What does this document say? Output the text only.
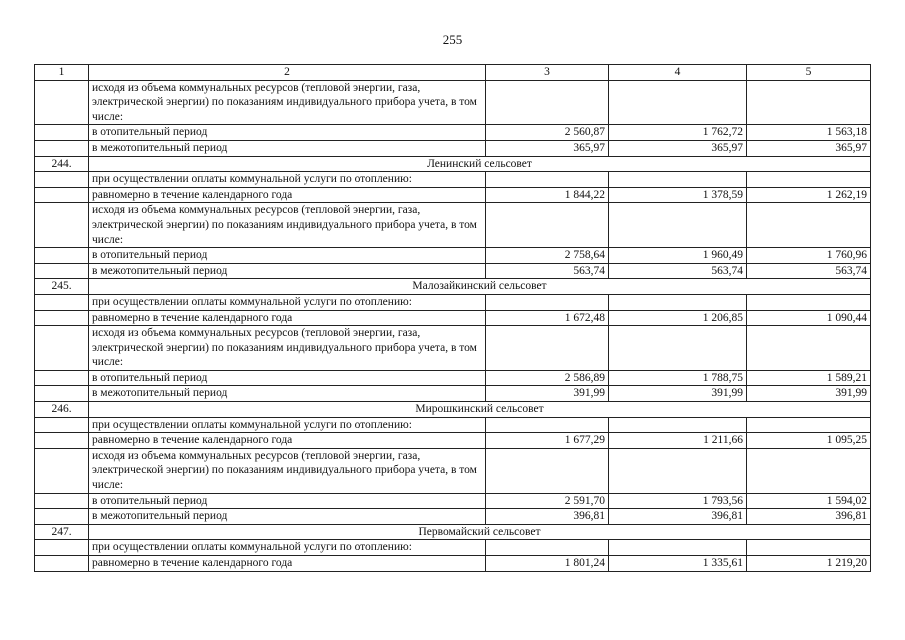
255
1	2	3	4	5
	исходя из объема коммунальных ресурсов (тепловой энергии, газа, электрической энергии) по показаниям индивидуального прибора учета, в том числе:			
	в отопительный период	2 560,87	1 762,72	1 563,18
	в межотопительный период	365,97	365,97	365,97
244.	Ленинский сельсовет			
	при осуществлении оплаты коммунальной услуги по отоплению:			
	равномерно в течение календарного года	1 844,22	1 378,59	1 262,19
	исходя из объема коммунальных ресурсов (тепловой энергии, газа, электрической энергии) по показаниям индивидуального прибора учета, в том числе:			
	в отопительный период	2 758,64	1 960,49	1 760,96
	в межотопительный период	563,74	563,74	563,74
245.	Малозайкинский сельсовет			
	при осуществлении оплаты коммунальной услуги по отоплению:			
	равномерно в течение календарного года	1 672,48	1 206,85	1 090,44
	исходя из объема коммунальных ресурсов (тепловой энергии, газа, электрической энергии) по показаниям индивидуального прибора учета, в том числе:			
	в отопительный период	2 586,89	1 788,75	1 589,21
	в межотопительный период	391,99	391,99	391,99
246.	Мирошкинский сельсовет			
	при осуществлении оплаты коммунальной услуги по отоплению:			
	равномерно в течение календарного года	1 677,29	1 211,66	1 095,25
	исходя из объема коммунальных ресурсов (тепловой энергии, газа, электрической энергии) по показаниям индивидуального прибора учета, в том числе:			
	в отопительный период	2 591,70	1 793,56	1 594,02
	в межотопительный период	396,81	396,81	396,81
247.	Первомайский сельсовет			
	при осуществлении оплаты коммунальной услуги по отоплению:			
	равномерно в течение календарного года	1 801,24	1 335,61	1 219,20
